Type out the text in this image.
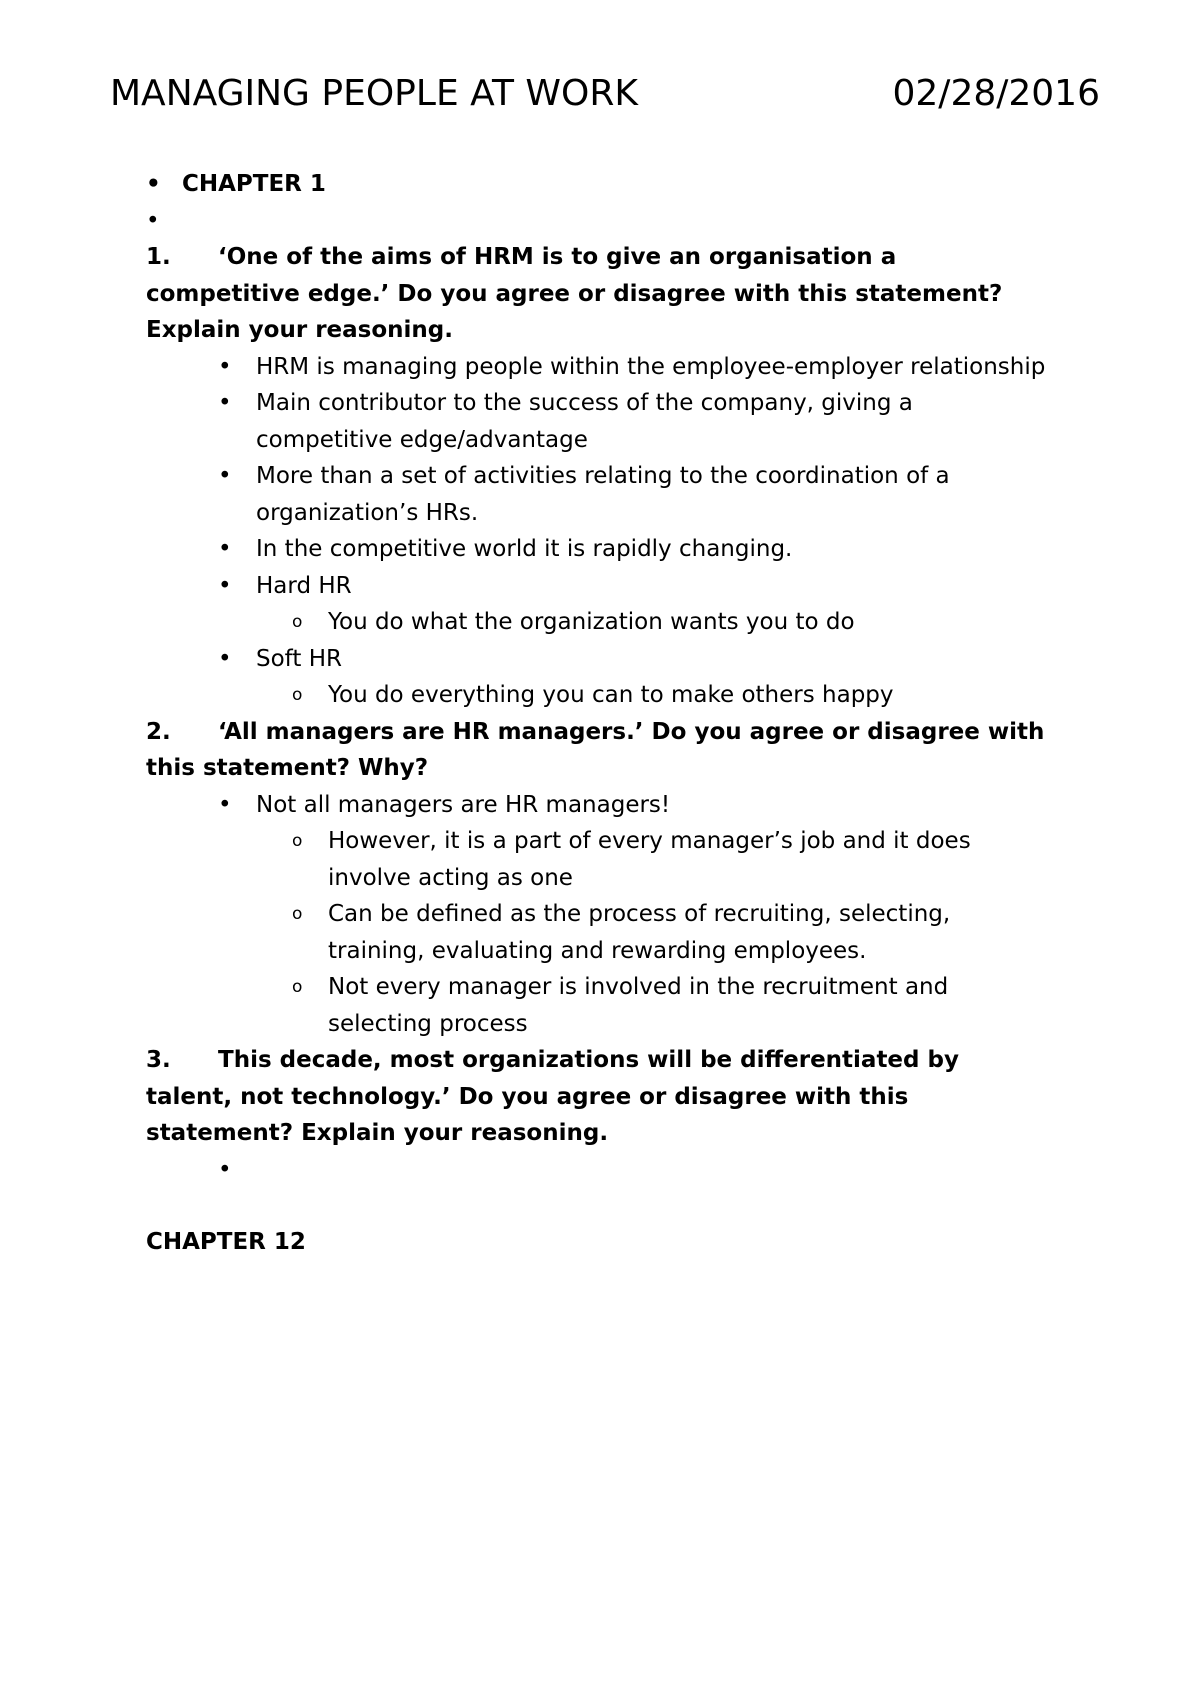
MANAGING PEOPLE AT WORK	02/28/2016
• CHAPTER 1
•

1. ‘One of the aims of HRM is to give an organisation a competitive edge.’ Do you agree or disagree with this statement? Explain your reasoning.
• HRM is managing people within the employee-employer relationship
• Main contributor to the success of the company, giving a competitive edge/advantage
• More than a set of activities relating to the coordination of a organization’s HRs.
• In the competitive world it is rapidly changing.
• Hard HR
o You do what the organization wants you to do
• Soft HR
o You do everything you can to make others happy
2. ‘All managers are HR managers.’ Do you agree or disagree with this statement? Why?
• Not all managers are HR managers!
o However, it is a part of every manager’s job and it does involve acting as one
o Can be defined as the process of recruiting, selecting, training, evaluating and rewarding employees.
o Not every manager is involved in the recruitment and selecting process
3. This decade, most organizations will be differentiated by talent, not technology.’ Do you agree or disagree with this statement? Explain your reasoning.
•

CHAPTER 12
